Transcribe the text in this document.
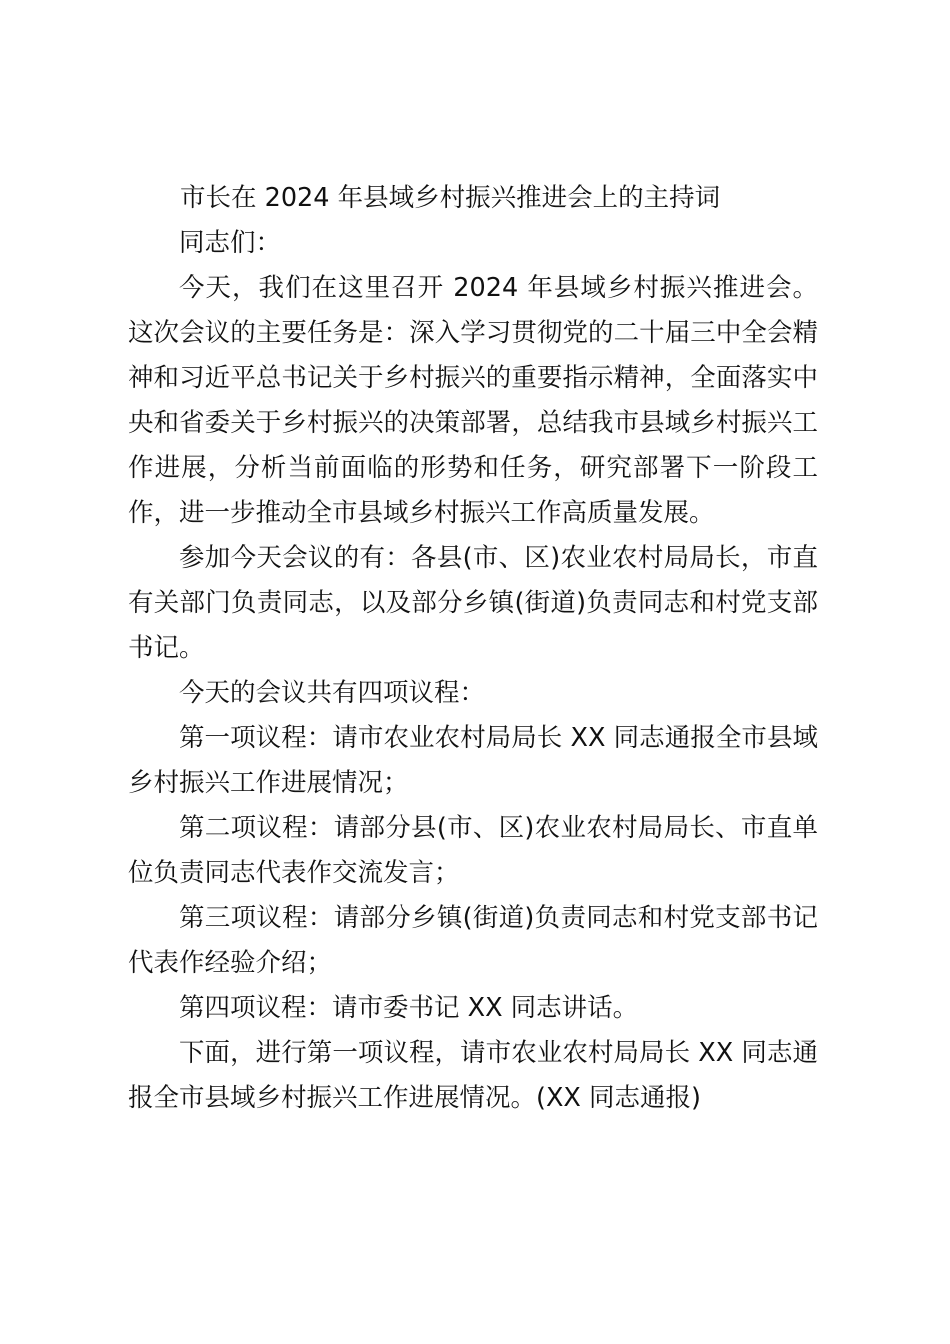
市长在 2024 年县域乡村振兴推进会上的主持词

同志们：

今天，我们在这里召开 2024 年县域乡村振兴推进会。这次会议的主要任务是：深入学习贯彻党的二十届三中全会精神和习近平总书记关于乡村振兴的重要指示精神，全面落实中央和省委关于乡村振兴的决策部署，总结我市县域乡村振兴工作进展，分析当前面临的形势和任务，研究部署下一阶段工作，进一步推动全市县域乡村振兴工作高质量发展。

参加今天会议的有：各县(市、区)农业农村局局长，市直有关部门负责同志，以及部分乡镇(街道)负责同志和村党支部书记。

今天的会议共有四项议程：

第一项议程：请市农业农村局局长 XX 同志通报全市县域乡村振兴工作进展情况；

第二项议程：请部分县(市、区)农业农村局局长、市直单位负责同志代表作交流发言；

第三项议程：请部分乡镇(街道)负责同志和村党支部书记代表作经验介绍；

第四项议程：请市委书记 XX 同志讲话。

下面，进行第一项议程，请市农业农村局局长 XX 同志通报全市县域乡村振兴工作进展情况。(XX 同志通报)
